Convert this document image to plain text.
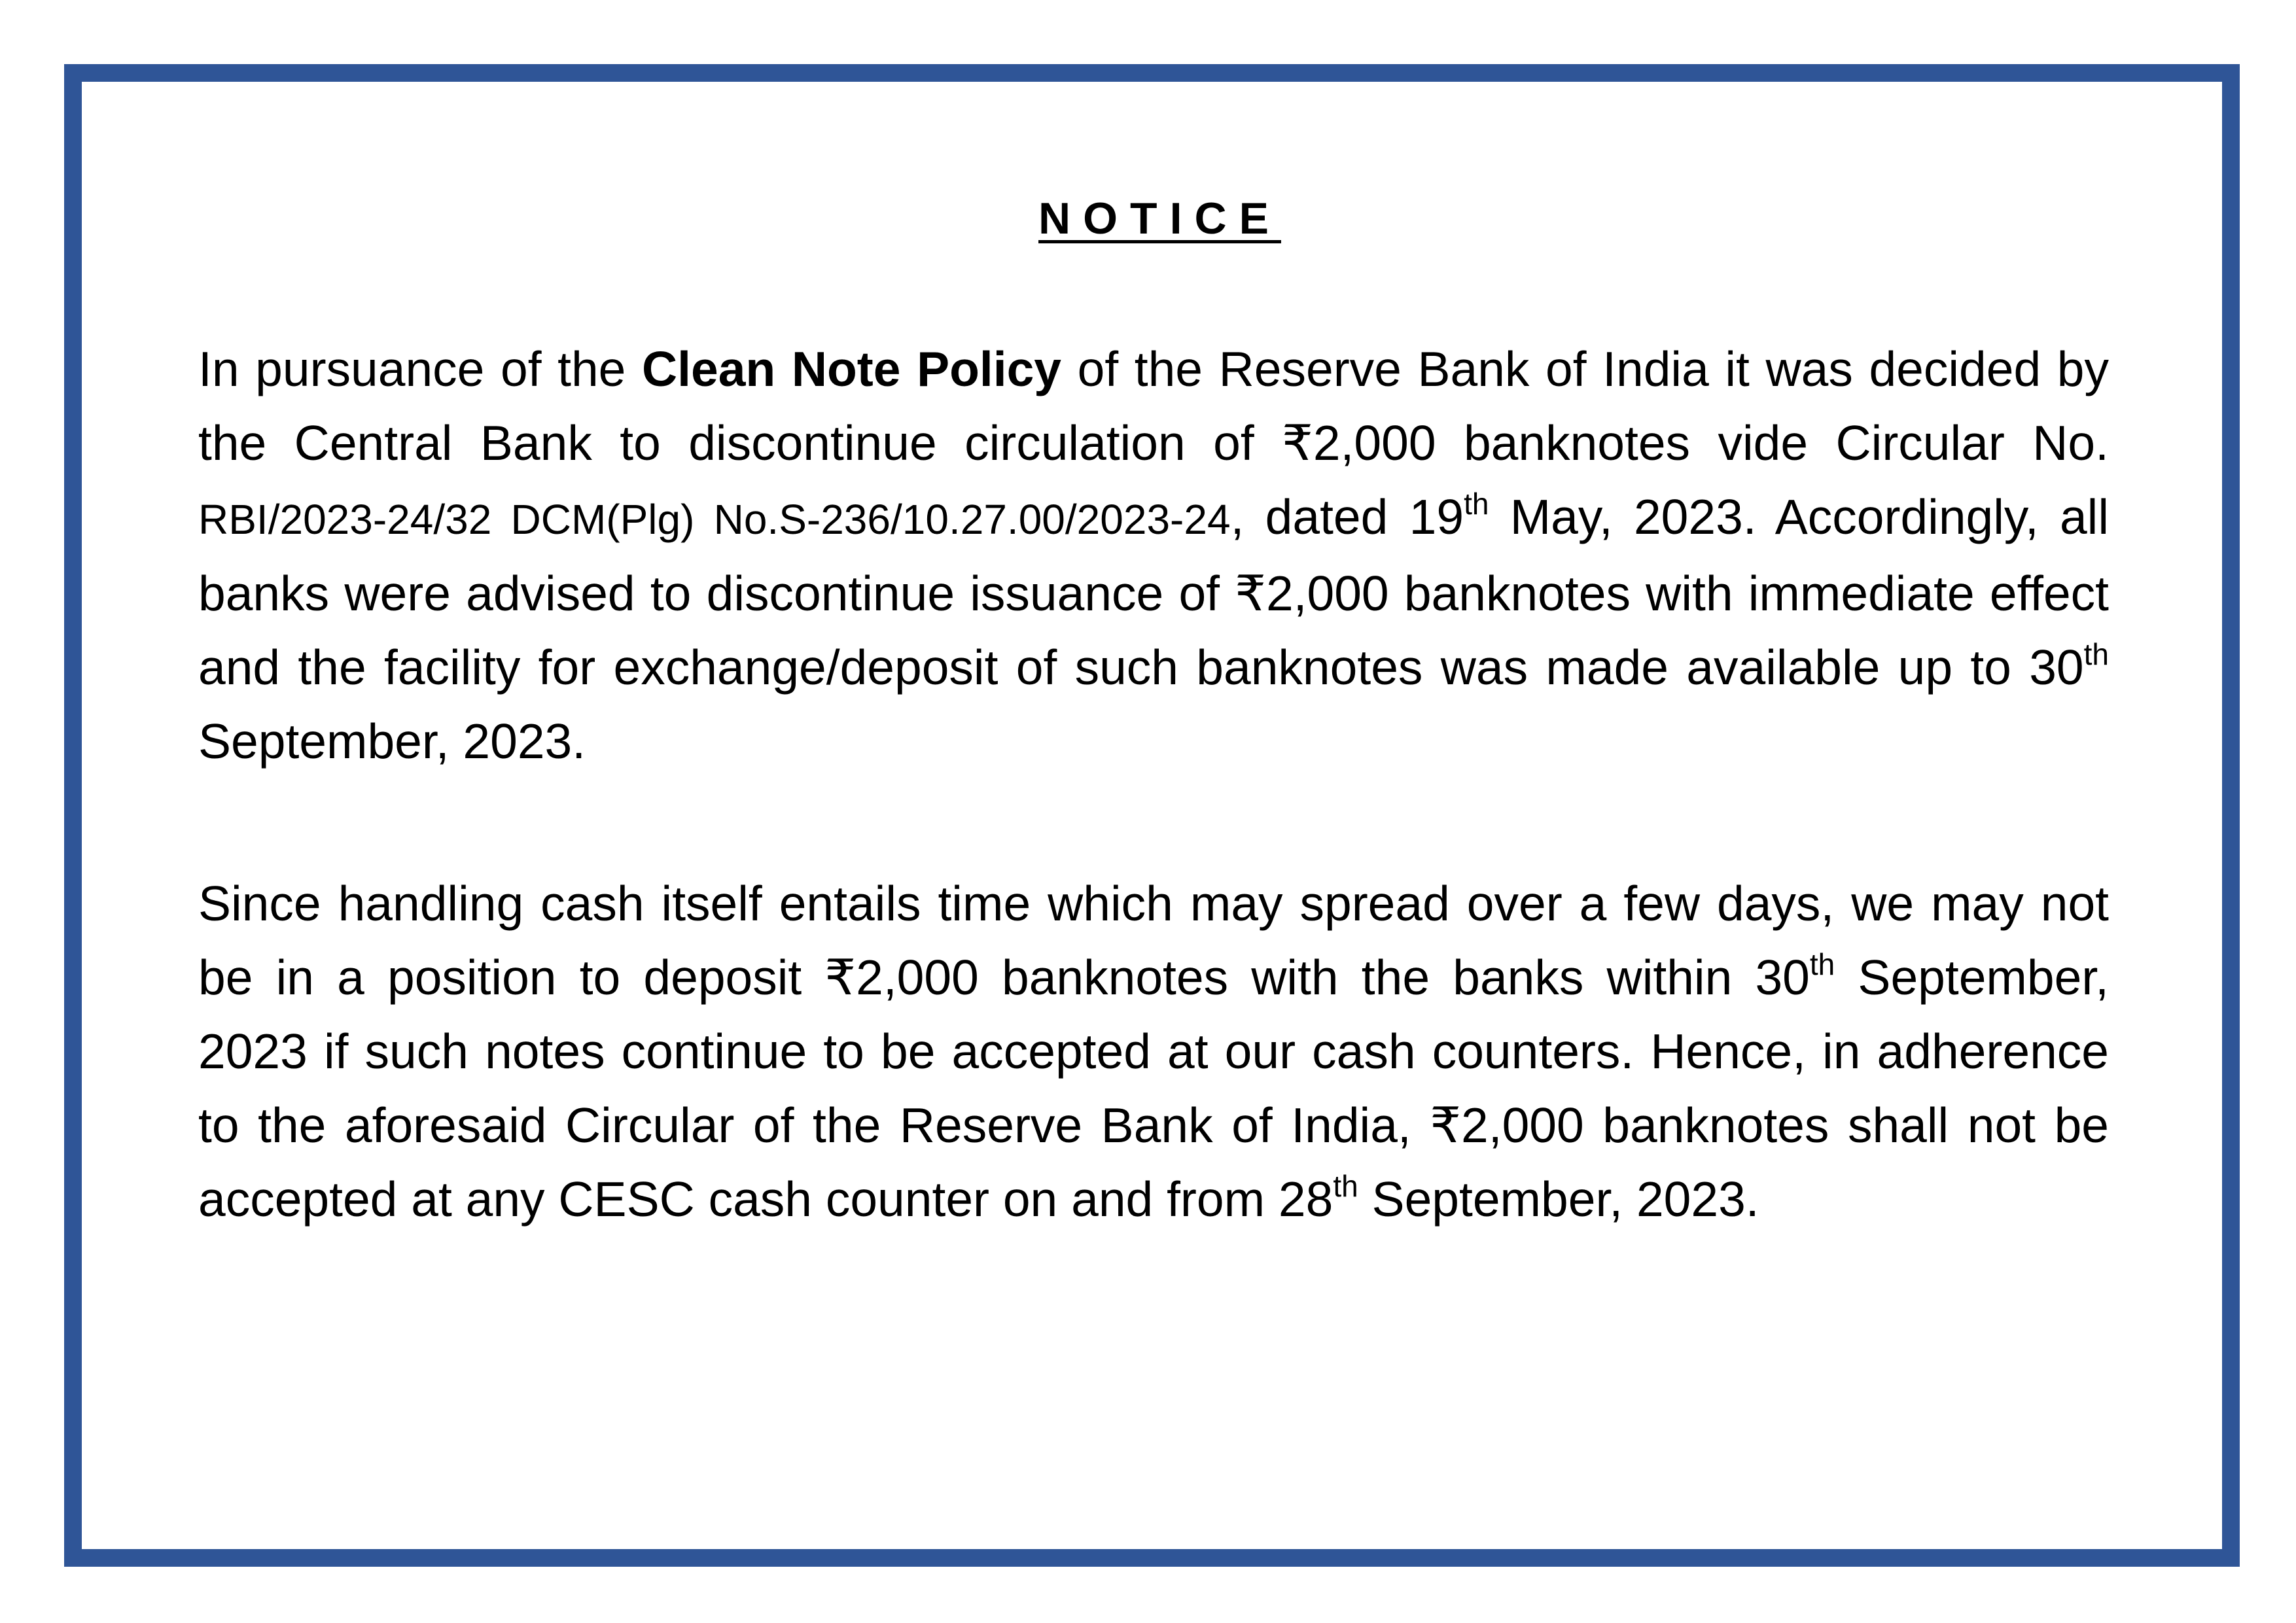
NOTICE

In pursuance of the Clean Note Policy of the Reserve Bank of India it was decided by the Central Bank to discontinue circulation of ₹2,000 banknotes vide Circular No. RBI/2023-24/32 DCM(Plg) No.S-236/10.27.00/2023-24, dated 19th May, 2023. Accordingly, all banks were advised to discontinue issuance of ₹2,000 banknotes with immediate effect and the facility for exchange/deposit of such banknotes was made available up to 30th September, 2023.

Since handling cash itself entails time which may spread over a few days, we may not be in a position to deposit ₹2,000 banknotes with the banks within 30th September, 2023 if such notes continue to be accepted at our cash counters. Hence, in adherence to the aforesaid Circular of the Reserve Bank of India, ₹2,000 banknotes shall not be accepted at any CESC cash counter on and from 28th September, 2023.
